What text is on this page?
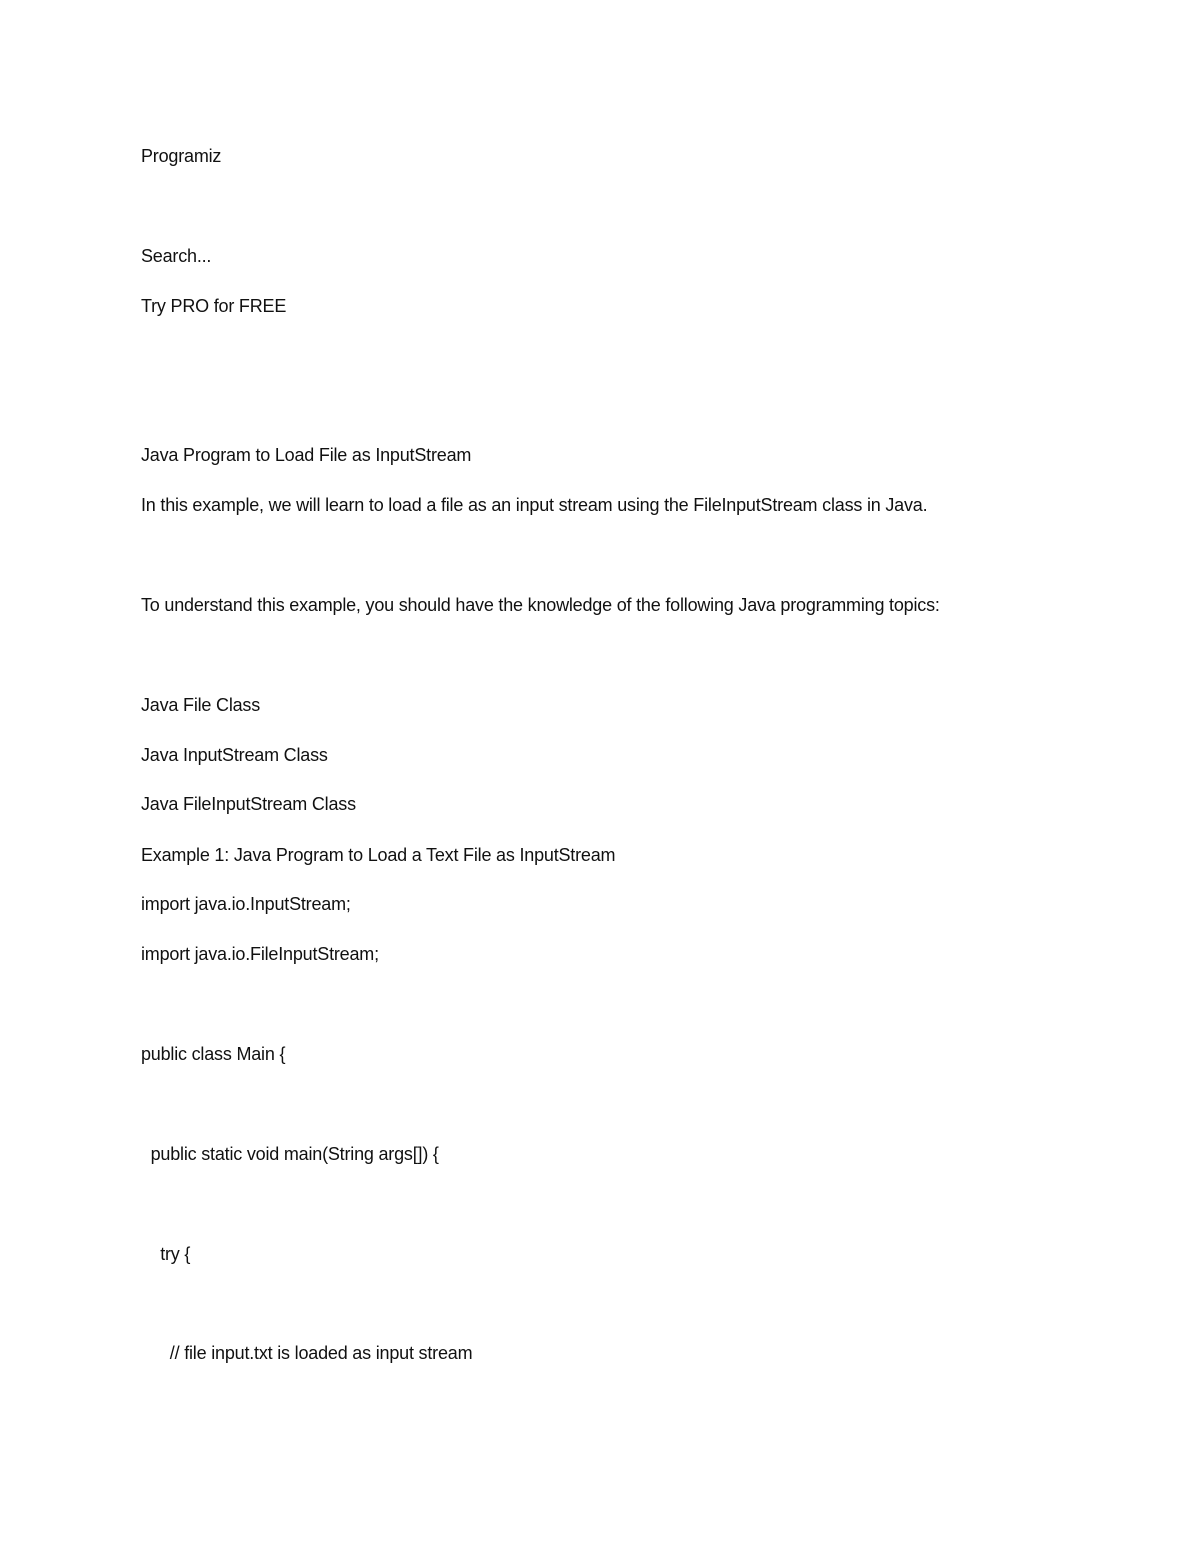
Programiz
Search...
Try PRO for FREE
Java Program to Load File as InputStream
In this example, we will learn to load a file as an input stream using the FileInputStream class in Java.
To understand this example, you should have the knowledge of the following Java programming topics:
Java File Class
Java InputStream Class
Java FileInputStream Class
Example 1: Java Program to Load a Text File as InputStream
import java.io.InputStream;
import java.io.FileInputStream;
public class Main {
public static void main(String args[]) {
try {
// file input.txt is loaded as input stream
